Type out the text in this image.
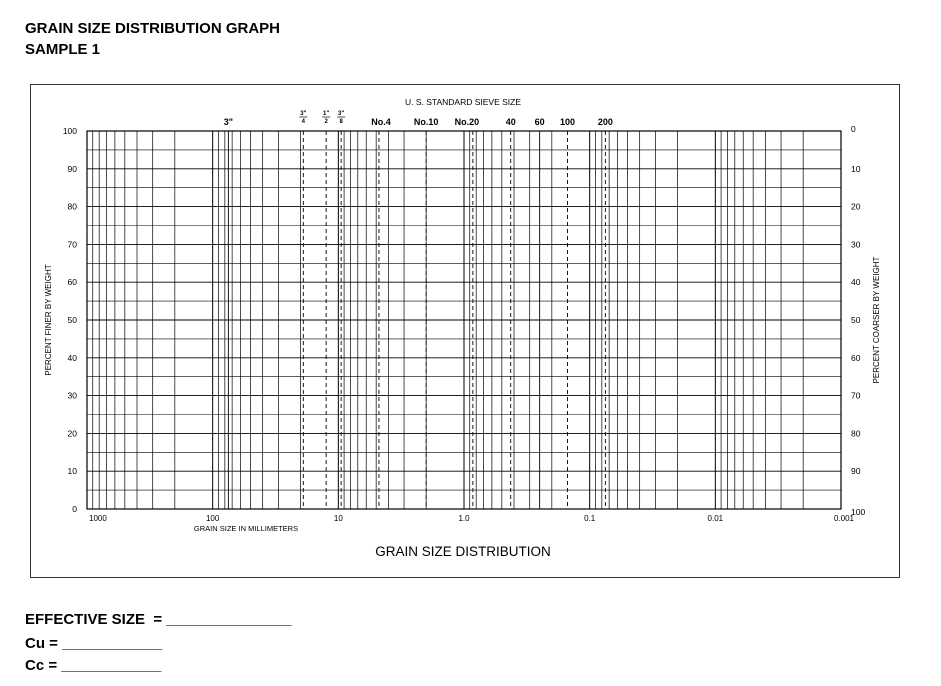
GRAIN SIZE DISTRIBUTION GRAPH
SAMPLE 1
3"
3"
4
1"
2
3"
8	No.4	No.10 No.20	40 60 100	200
U. S. STANDARD SIEVE SIZE
0
10
20
30
40
50
60
70
80
90
100
100
90
80
70
60
50
40
30
20
10
0
1000	100	10	1.0	0.1	0.01	0.001
GRAIN SIZE IN MILLIMETERS
PERCENT FINER BY WEIGHT	PERCENT COARSER BY WEIGHT
GRAIN SIZE DISTRIBUTION
EFFECTIVE SIZE  = _______________
Cu = ____________
Cc = ____________
